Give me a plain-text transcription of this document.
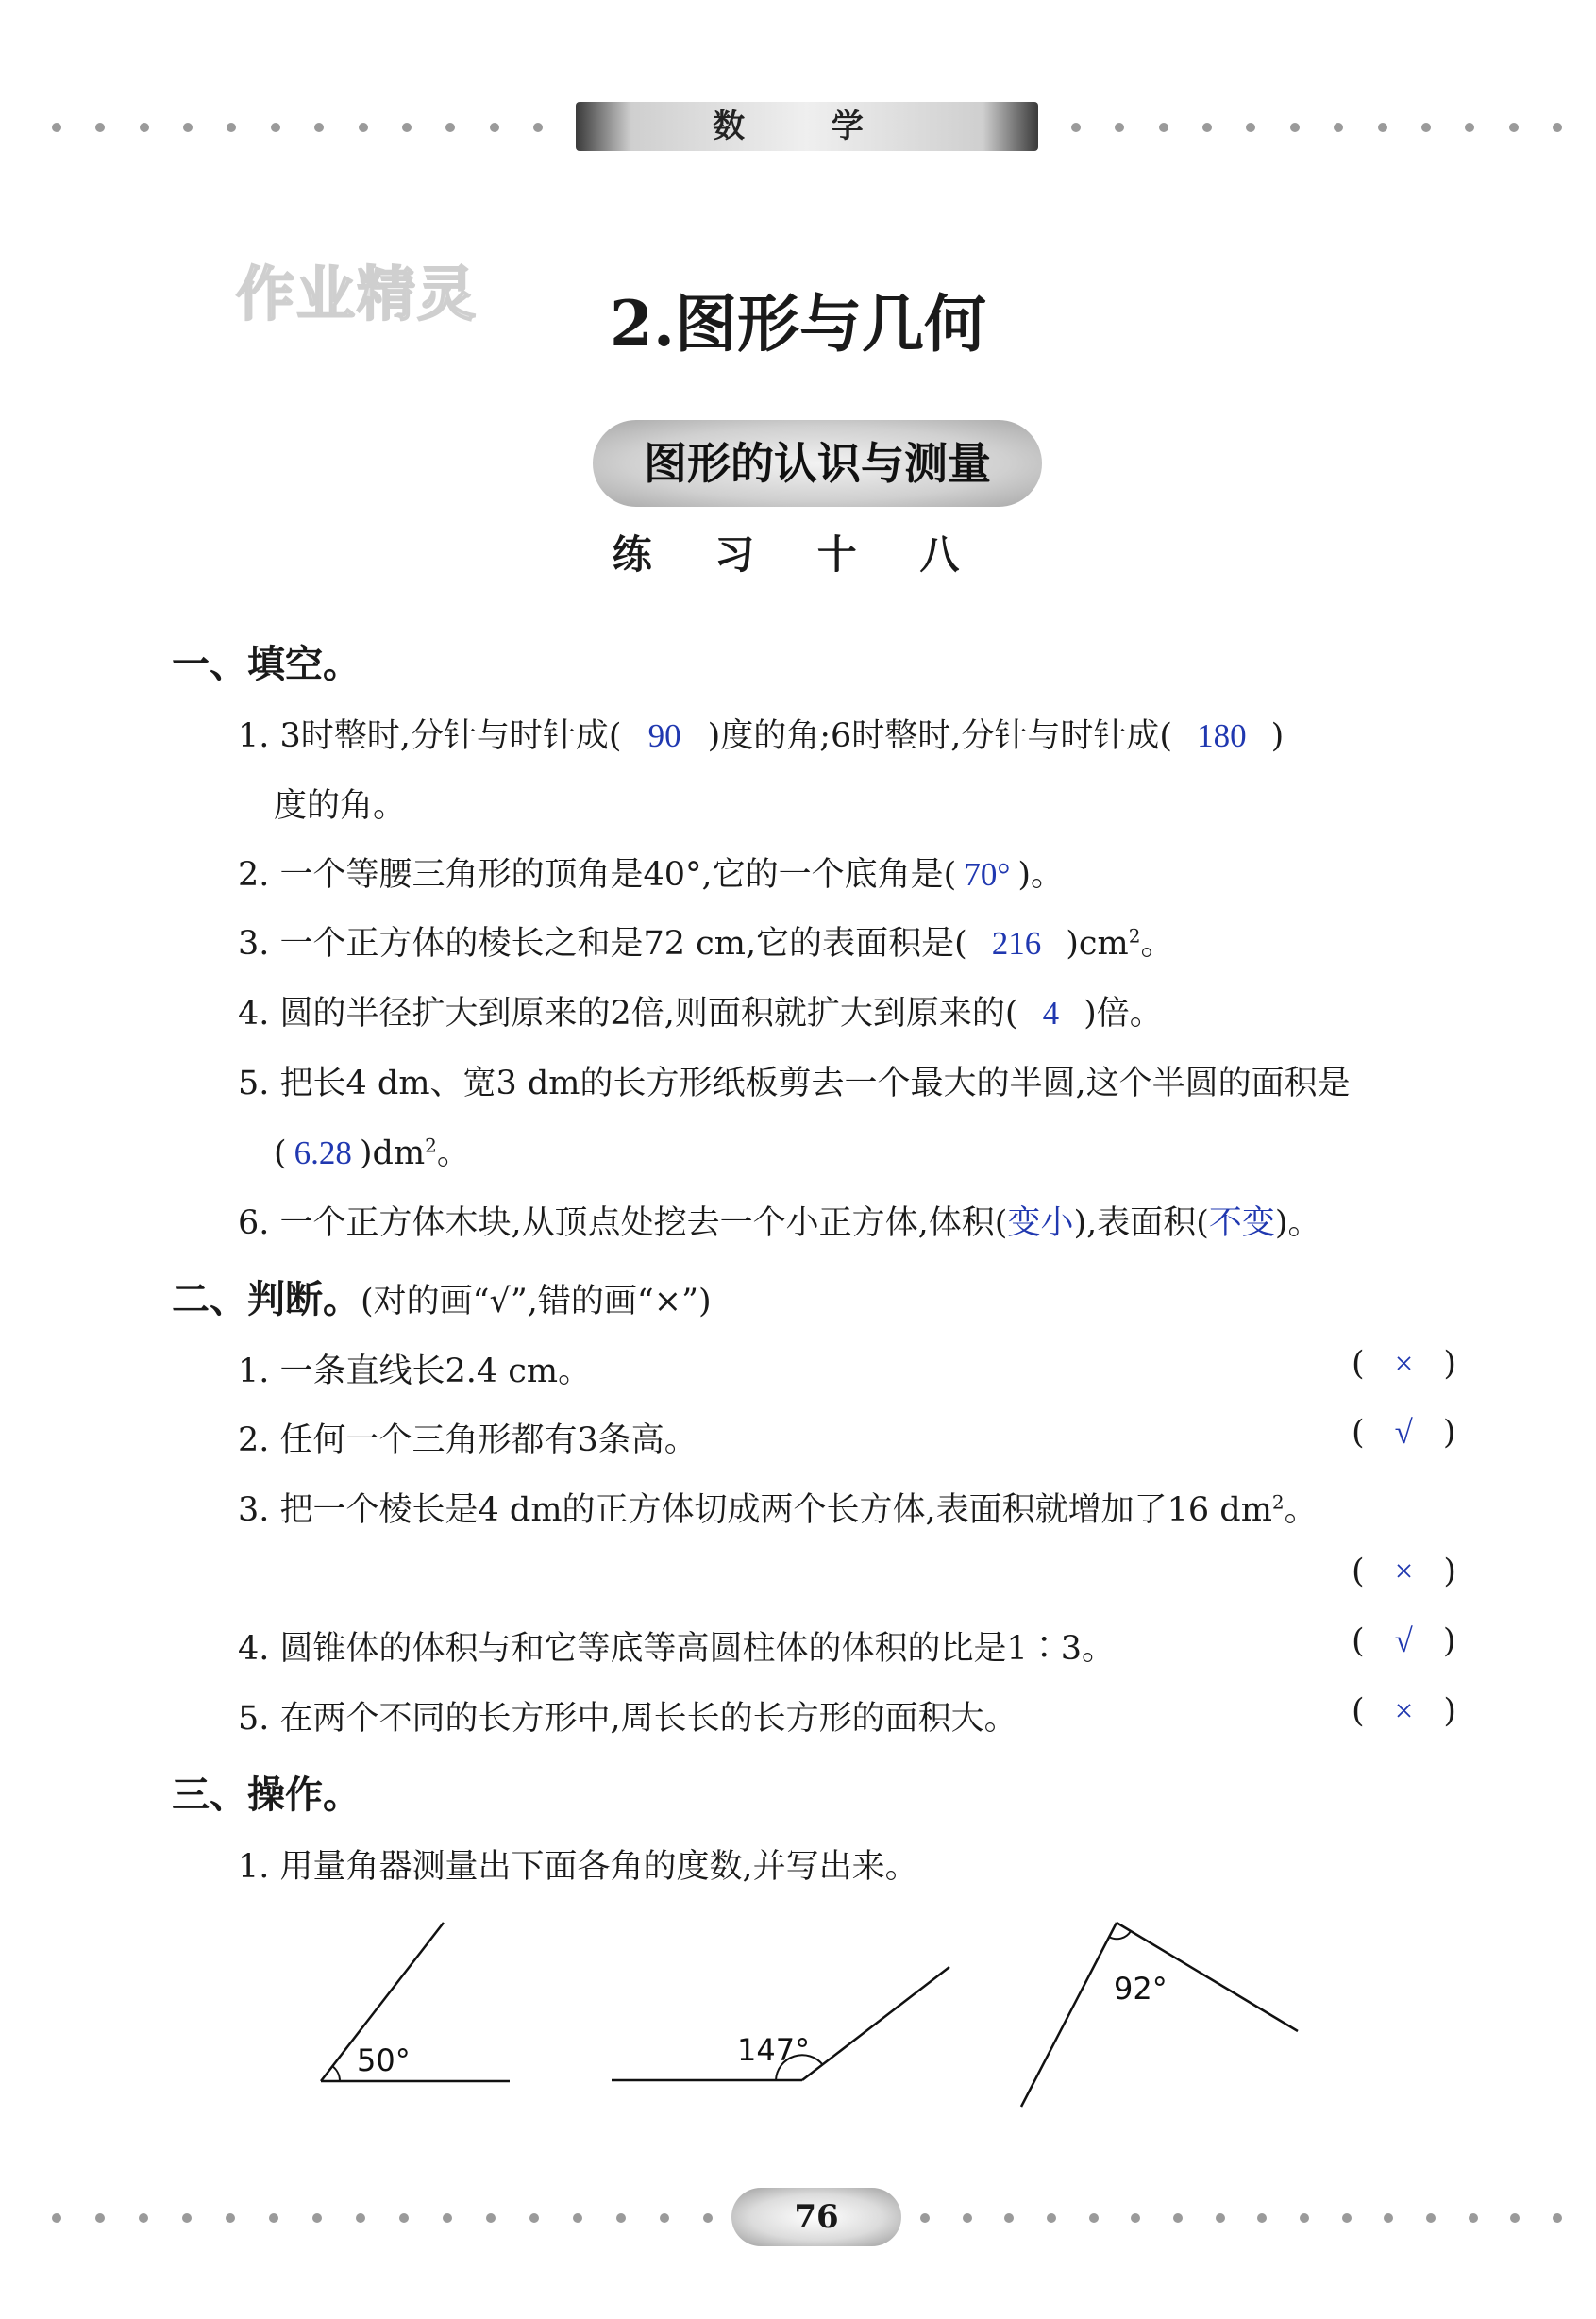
数 学
作业精灵	2.图形与几何
图形的认识与测量
练 习 十 八
一、填空。
1. 3时整时,分针与时针成( 90 )度的角;6时整时,分针与时针成( 180 )
度的角。
2. 一个等腰三角形的顶角是40°,它的一个底角是( 70° )。
3. 一个正方体的棱长之和是72 cm,它的表面积是( 216 )$cm^2$。
4. 圆的半径扩大到原来的2倍,则面积就扩大到原来的( 4 )倍。
5. 把长4 dm、宽3 dm的长方形纸板剪去一个最大的半圆,这个半圆的面积是
( 6.28 )$dm^2$。
6. 一个正方体木块,从顶点处挖去一个小正方体,体积(变小),表面积(不变)。
二、判断。(对的画“√”,错的画“×”)
1. 一条直线长2.4 cm。	( × )
2. 任何一个三角形都有3条高。	( √ )
3. 把一个棱长是4 dm的正方体切成两个长方体,表面积就增加了16 $dm^2$。
( × )
4. 圆锥体的体积与和它等底等高圆柱体的体积的比是1∶3。	( √ )
5. 在两个不同的长方形中,周长长的长方形的面积大。	( × )
三、操作。
1. 用量角器测量出下面各角的度数,并写出来。
50°	147°
92°
76
